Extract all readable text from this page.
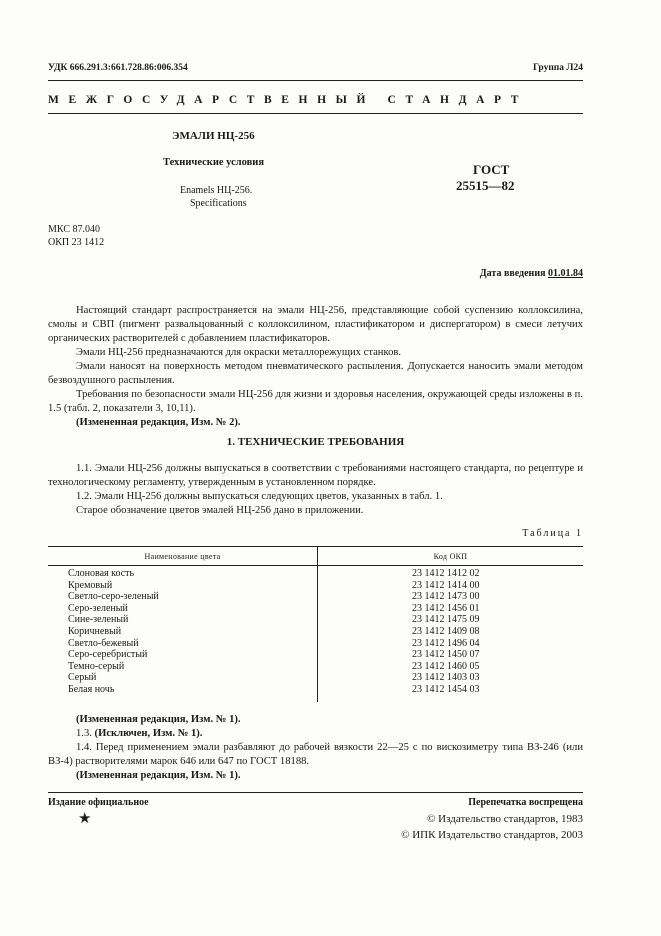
УДК 666.291.3:661.728.86:006.354	Группа Л24
МЕЖГОСУДАРСТВЕННЫЙ СТАНДАРТ
ЭМАЛИ НЦ-256
Технические условия
Enamels НЦ-256.
Specifications
ГОСТ
25515—82
МКС 87.040
ОКП 23 1412
Дата введения 01.01.84

Настоящий стандарт распространяется на эмали НЦ-256, представляющие собой суспензию коллоксилина, смолы и СВП (пигмент развальцованный с коллоксилином, пластификатором и диспергатором) в смеси летучих органических растворителей с добавлением пластификаторов.

Эмали НЦ-256 предназначаются для окраски металлорежущих станков.

Эмали наносят на поверхность методом пневматического распыления. Допускается наносить эмали методом безвоздушного распыления.

Требования по безопасности эмали НЦ-256 для жизни и здоровья населения, окружающей среды изложены в п. 1.5 (табл. 2, показатели 3, 10,11).

(Измененная редакция, Изм. № 2).

1. ТЕХНИЧЕСКИЕ ТРЕБОВАНИЯ

1.1. Эмали НЦ-256 должны выпускаться в соответствии с требованиями настоящего стандарта, по рецептуре и технологическому регламенту, утвержденным в установленном порядке.

1.2. Эмали НЦ-256 должны выпускаться следующих цветов, указанных в табл. 1.

Старое обозначение цветов эмалей НЦ-256 дано в приложении.

Таблица 1
Наименование цвета	Код ОКП
Слоновая кость	23 1412 1412 02
Кремовый	23 1412 1414 00
Светло-серо-зеленый	23 1412 1473 00
Серо-зеленый	23 1412 1456 01
Сине-зеленый	23 1412 1475 09
Коричневый	23 1412 1409 08
Светло-бежевый	23 1412 1496 04
Серо-серебристый	23 1412 1450 07
Темно-серый	23 1412 1460 05
Серый	23 1412 1403 03
Белая ночь	23 1412 1454 03

(Измененная редакция, Изм. № 1).

1.3. (Исключен, Изм. № 1).

1.4. Перед применением эмали разбавляют до рабочей вязкости 22—25 с по вискозиметру типа ВЗ-246 (или ВЗ-4) растворителями марок 646 или 647 по ГОСТ 18188.

(Измененная редакция, Изм. № 1).

Издание официальное	Перепечатка воспрещена
★	© Издательство стандартов, 1983
© ИПК Издательство стандартов, 2003
